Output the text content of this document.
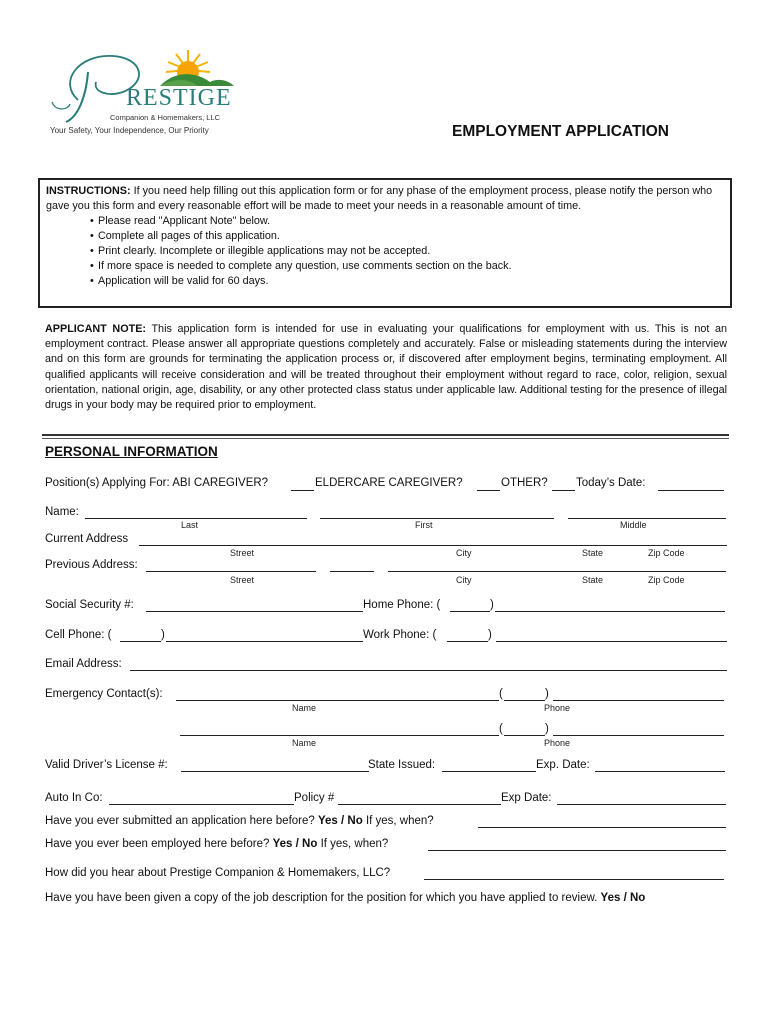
RESTIGE
Companion & Homemakers, LLC
Your Safety, Your Independence, Our Priority	EMPLOYMENT APPLICATION
INSTRUCTIONS: If you need help filling out this application form or for any phase of the employment process, please notify the person who gave you this form and every reasonable effort will be made to meet your needs in a reasonable amount of time.
• Please read "Applicant Note" below.
• Complete all pages of this application.
• Print clearly. Incomplete or illegible applications may not be accepted.
• If more space is needed to complete any question, use comments section on the back.
• Application will be valid for 60 days.
APPLICANT NOTE: This application form is intended for use in evaluating your qualifications for employment with us. This is not an employment contract. Please answer all appropriate questions completely and accurately. False or misleading statements during the interview and on this form are grounds for terminating the application process or, if discovered after employment begins, terminating employment. All qualified applicants will receive consideration and will be treated throughout their employment without regard to race, color, religion, sexual orientation, national origin, age, disability, or any other protected class status under applicable law. Additional testing for the presence of illegal drugs in your body may be required prior to employment.
PERSONAL INFORMATION
Position(s) Applying For: ABI CAREGIVER?	ELDERCARE CAREGIVER?	OTHER? Today’s Date:
Name:
Last	First	Middle
Current Address
Street	City	State	Zip Code
Previous Address:
Street	City	State	Zip Code
Social Security #:	Home Phone: (	)
Cell Phone: (	)	Work Phone: (	)
Email Address:
Emergency Contact(s):	(	)
Name	Phone
(	)
Name	Phone
Valid Driver’s License #:	State Issued:	Exp. Date:
Auto In Co:	Policy #	Exp Date:
Have you ever submitted an application here before? Yes / No If yes, when?
Have you ever been employed here before? Yes / No If yes, when?
How did you hear about Prestige Companion & Homemakers, LLC?
Have you have been given a copy of the job description for the position for which you have applied to review. Yes / No
